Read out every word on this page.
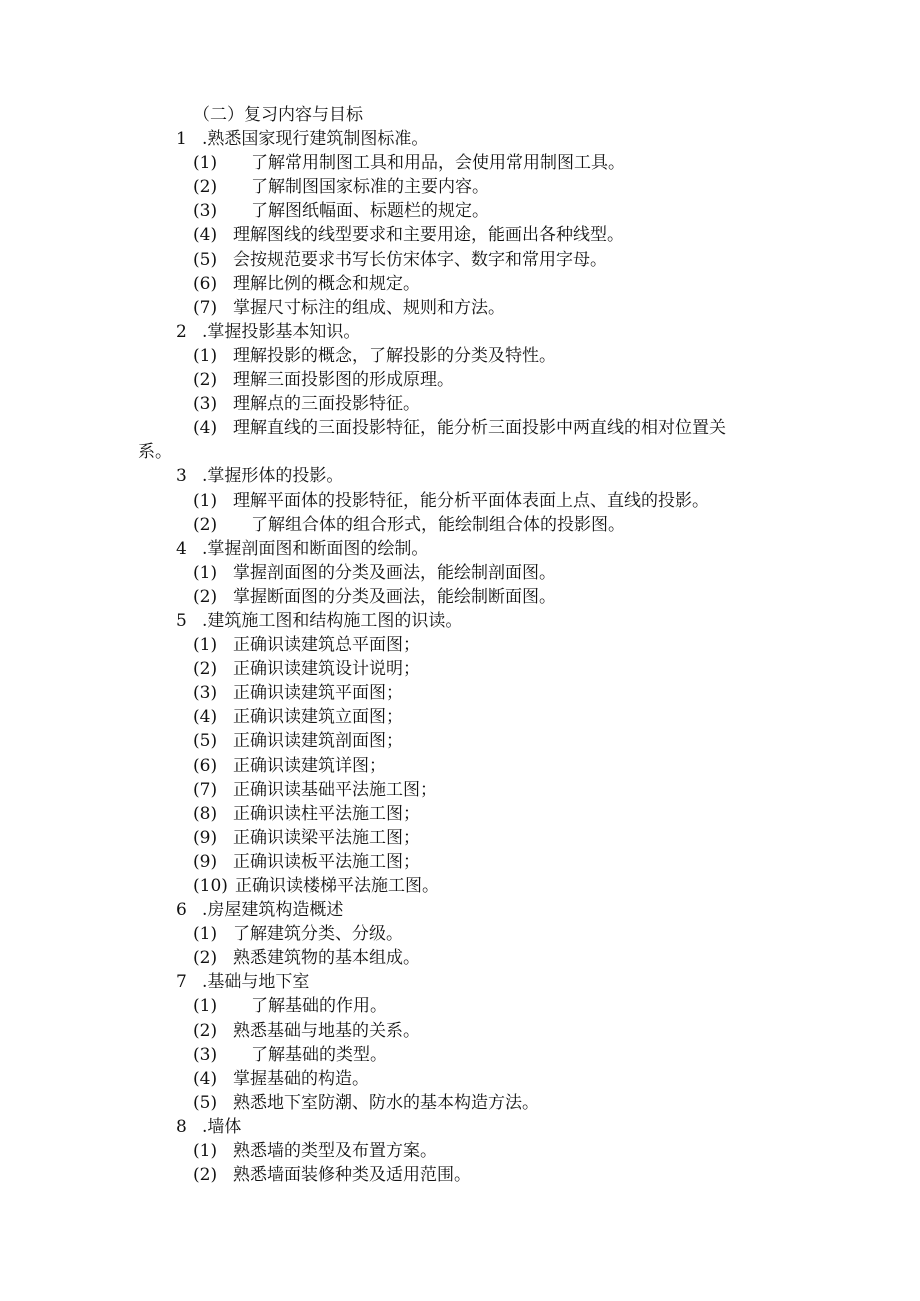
（二）复习内容与目标
1 .熟悉国家现行建筑制图标准。
(1) 了解常用制图工具和用品，会使用常用制图工具。
(2) 了解制图国家标准的主要内容。
(3) 了解图纸幅面、标题栏的规定。
(4) 理解图线的线型要求和主要用途，能画出各种线型。
(5) 会按规范要求书写长仿宋体字、数字和常用字母。
(6) 理解比例的概念和规定。
(7) 掌握尺寸标注的组成、规则和方法。
2 .掌握投影基本知识。
(1) 理解投影的概念，了解投影的分类及特性。
(2) 理解三面投影图的形成原理。
(3) 理解点的三面投影特征。
(4) 理解直线的三面投影特征，能分析三面投影中两直线的相对位置关
系。
3 .掌握形体的投影。
(1) 理解平面体的投影特征，能分析平面体表面上点、直线的投影。
(2) 了解组合体的组合形式，能绘制组合体的投影图。
4 .掌握剖面图和断面图的绘制。
(1) 掌握剖面图的分类及画法，能绘制剖面图。
(2) 掌握断面图的分类及画法，能绘制断面图。
5 .建筑施工图和结构施工图的识读。
(1) 正确识读建筑总平面图；
(2) 正确识读建筑设计说明；
(3) 正确识读建筑平面图；
(4) 正确识读建筑立面图；
(5) 正确识读建筑剖面图；
(6) 正确识读建筑详图；
(7) 正确识读基础平法施工图；
(8) 正确识读柱平法施工图；
(9) 正确识读梁平法施工图；
(9) 正确识读板平法施工图；
(10) 正确识读楼梯平法施工图。
6 .房屋建筑构造概述
(1) 了解建筑分类、分级。
(2) 熟悉建筑物的基本组成。
7 .基础与地下室
(1) 了解基础的作用。
(2) 熟悉基础与地基的关系。
(3) 了解基础的类型。
(4) 掌握基础的构造。
(5) 熟悉地下室防潮、防水的基本构造方法。
8 .墙体
(1) 熟悉墙的类型及布置方案。
(2) 熟悉墙面装修种类及适用范围。
